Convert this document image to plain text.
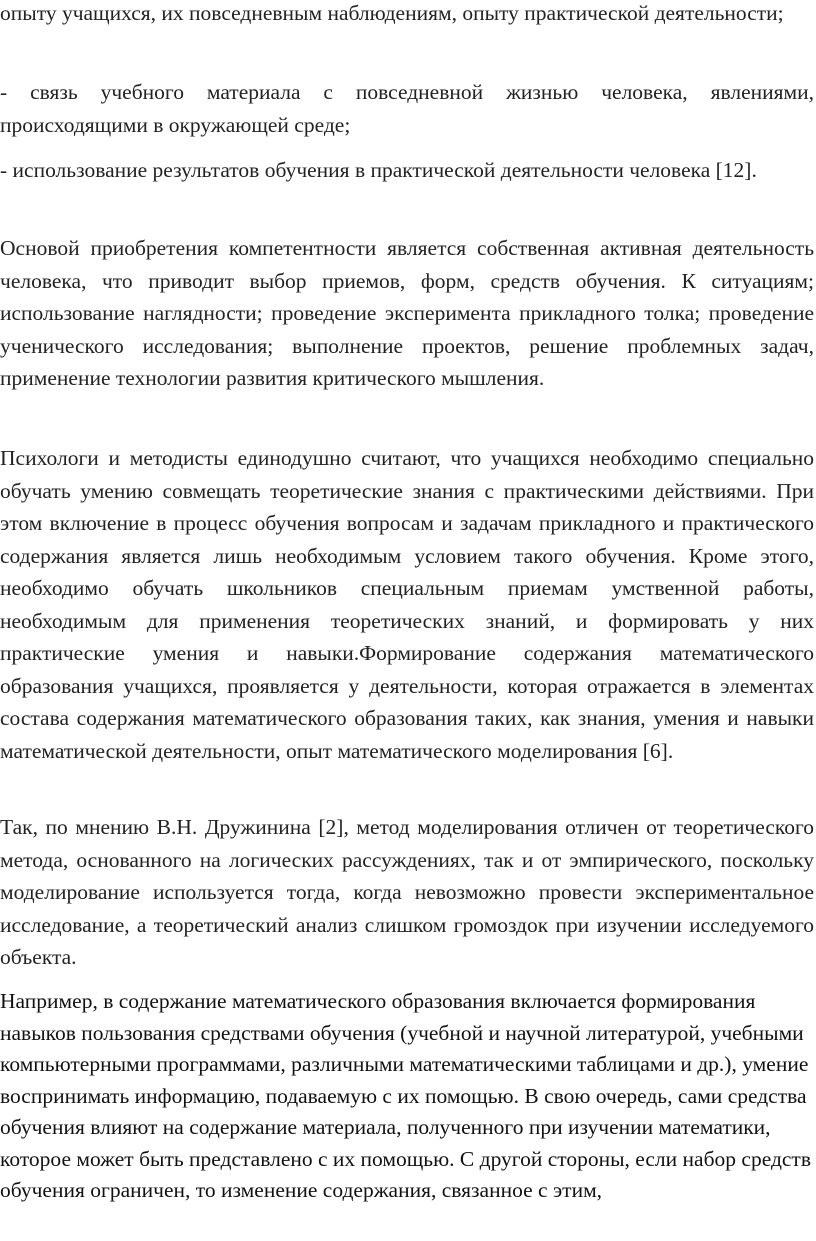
опыту учащихся, их повседневным наблюдениям, опыту практической деятельности;

- связь учебного материала с повседневной жизнью человека, явлениями, происходящими в окружающей среде;

- использование результатов обучения в практической деятельности человека [12].

Основой приобретения компетентности является собственная активная деятельность человека, что приводит выбор приемов, форм, средств обучения. К ситуациям; использование наглядности; проведение эксперимента прикладного толка; проведение ученического исследования; выполнение проектов, решение проблемных задач, применение технологии развития критического мышления.

Психологи и методисты единодушно считают, что учащихся необходимо специально обучать умению совмещать теоретические знания с практическими действиями. При этом включение в процесс обучения вопросам и задачам прикладного и практического содержания является лишь необходимым условием такого обучения. Кроме этого, необходимо обучать школьников специальным приемам умственной работы, необходимым для применения теоретических знаний, и формировать у них практические умения и навыки.Формирование содержания математического образования учащихся, проявляется у деятельности, которая отражается в элементах состава содержания математического образования таких, как знания, умения и навыки математической деятельности, опыт математического моделирования [6].

Так, по мнению В.Н. Дружинина [2], метод моделирования отличен от теоретического метода, основанного на логических рассуждениях, так и от эмпирического, поскольку моделирование используется тогда, когда невозможно провести экспериментальное исследование, а теоретический анализ слишком громоздок при изучении исследуемого объекта.

Например, в содержание математического образования включается формирования навыков пользования средствами обучения (учебной и научной литературой, учебными компьютерными программами, различными математическими таблицами и др.), умение воспринимать информацию, подаваемую с их помощью. В свою очередь, сами средства обучения влияют на содержание материала, полученного при изучении математики, которое может быть представлено с их помощью. С другой стороны, если набор средств обучения ограничен, то изменение содержания, связанное с этим,
